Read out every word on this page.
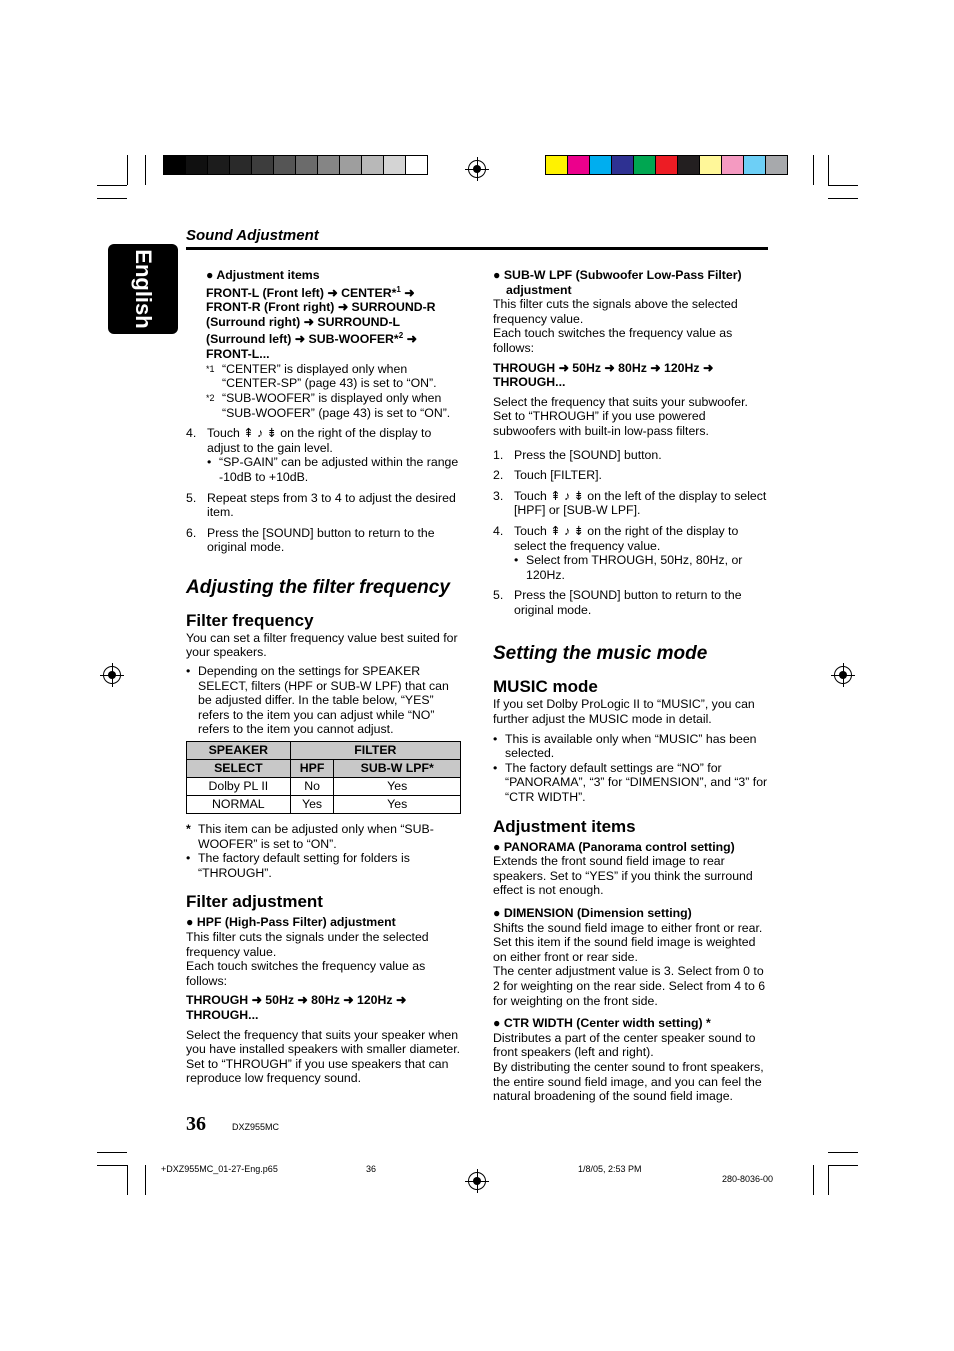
English
Sound Adjustment

● Adjustment items

FRONT-L (Front left) ➜ CENTER*$^1$ ➜

FRONT-R (Front right) ➜ SURROUND-R

(Surround right) ➜ SURROUND-L

(Surround left) ➜ SUB-WOOFER*$^2$ ➜

FRONT-L...

*1 “CENTER” is displayed only when

“CENTER-SP” (page 43) is set to “ON”.

*2 “SUB-WOOFER” is displayed only when

“SUB-WOOFER” (page 43) is set to “ON”.

4. Touch ⇞ ♪ ⇟ on the right of the display to adjust to the gain level.

• “SP-GAIN” can be adjusted within the range -10dB to +10dB.

5. Repeat steps from 3 to 4 to adjust the desired item.

6. Press the [SOUND] button to return to the original mode.

Adjusting the filter frequency

Filter frequency

You can set a filter frequency value best suited for your speakers.

• Depending on the settings for SPEAKER SELECT, filters (HPF or SUB-W LPF) that can be adjusted differ. In the table below, “YES” refers to the item you can adjust while “NO” refers to the item you cannot adjust.

SPEAKER	FILTER	
SELECT	HPF	SUB-W LPF*
Dolby PL II	No	Yes
NORMAL	Yes	Yes
* This item can be adjusted only when “SUB-WOOFER” is set to “ON”.

• The factory default setting for folders is “THROUGH”.

Filter adjustment

● HPF (High-Pass Filter) adjustment

This filter cuts the signals under the selected frequency value.

Each touch switches the frequency value as follows:

THROUGH ➜ 50Hz ➜ 80Hz ➜ 120Hz ➜ THROUGH...

Select the frequency that suits your speaker when you have installed speakers with smaller diameter.

Set to “THROUGH” if you use speakers that can reproduce low frequency sound.

● SUB-W LPF (Subwoofer Low-Pass Filter) adjustment

This filter cuts the signals above the selected frequency value.

Each touch switches the frequency value as follows:

THROUGH ➜ 50Hz ➜ 80Hz ➜ 120Hz ➜ THROUGH...

Select the frequency that suits your subwoofer. Set to “THROUGH” if you use powered subwoofers with built-in low-pass filters.

1. Press the [SOUND] button.

2. Touch [FILTER].

3. Touch ⇞ ♪ ⇟ on the left of the display to select [HPF] or [SUB-W LPF].

4. Touch ⇞ ♪ ⇟ on the right of the display to select the frequency value.

• Select from THROUGH, 50Hz, 80Hz, or 120Hz.

5. Press the [SOUND] button to return to the original mode.

Setting the music mode

MUSIC mode

If you set Dolby ProLogic II to “MUSIC”, you can further adjust the MUSIC mode in detail.

• This is available only when “MUSIC” has been selected.

• The factory default settings are “NO” for “PANORAMA”, “3” for “DIMENSION”, and “3” for “CTR WIDTH”.

Adjustment items

● PANORAMA (Panorama control setting)

Extends the front sound field image to rear speakers. Set to “YES” if you think the surround effect is not enough.

● DIMENSION (Dimension setting)

Shifts the sound field image to either front or rear. Set this item if the sound field image is weighted on either front or rear side.

The center adjustment value is 3. Select from 0 to 2 for weighting on the rear side. Select from 4 to 6 for weighting on the front side.

● CTR WIDTH (Center width setting) *

Distributes a part of the center speaker sound to front speakers (left and right).

By distributing the center sound to front speakers, the entire sound field image, and you can feel the natural broadening of the sound field image.

36	DXZ955MC
+DXZ955MC_01-27-Eng.p65	36	1/8/05, 2:53 PM
280-8036-00
